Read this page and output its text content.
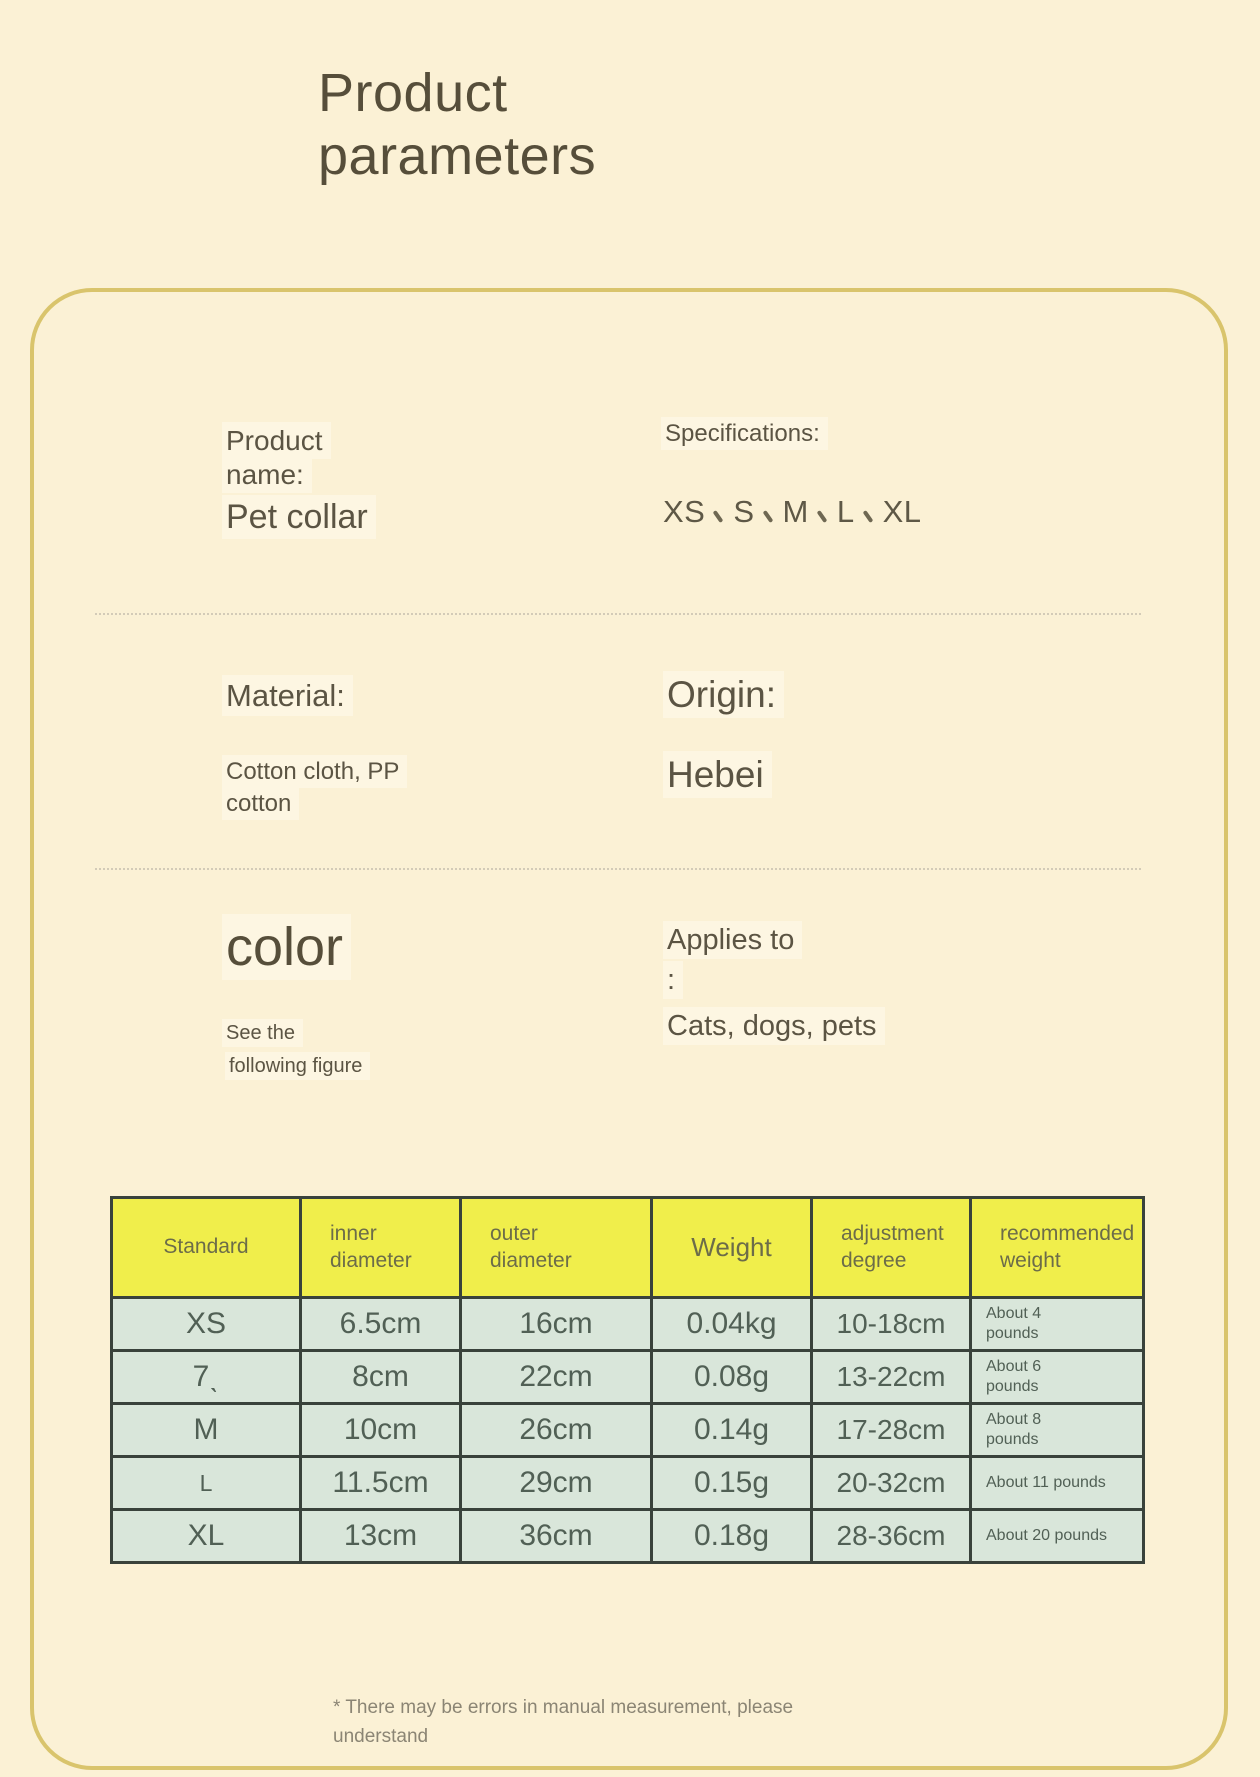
Product
parameters
Product name:
Pet collar
Specifications:
XS S M L XL
Material:
Cotton cloth, PP cotton
Origin:
Hebei
color
See the
following figure
Applies to
:
Cats, dogs, pets
Standard	inner diameter	outer diameter	Weight	adjustment degree	recommended weight
XS	6.5cm	16cm	0.04kg	10-18cm	About 4 pounds
7ˎ	8cm	22cm	0.08g	13-22cm	About 6 pounds
M	10cm	26cm	0.14g	17-28cm	About 8 pounds
L	11.5cm	29cm	0.15g	20-32cm	About 11 pounds
XL	13cm	36cm	0.18g	28-36cm	About 20 pounds
* There may be errors in manual measurement, please understand
